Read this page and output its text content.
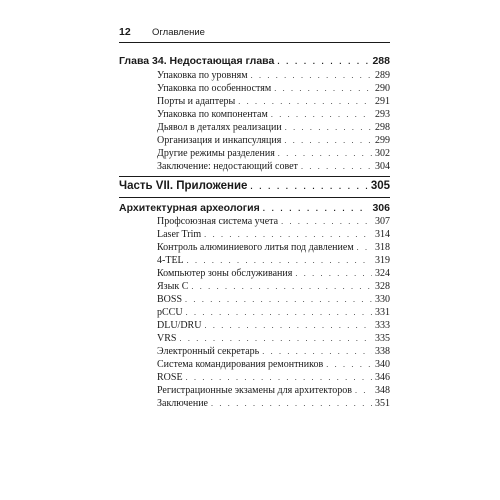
12 Оглавление
Глава 34. Недостающая глава . . .	288
Упаковка по уровням . . .	289
Упаковка по особенностям . . .	290
Порты и адаптеры . . .	291
Упаковка по компонентам . . .	293
Дьявол в деталях реализации . . .	298
Организация и инкапсуляция . . .	299
Другие режимы разделения . . .	302
Заключение: недостающий совет . . .	304
Часть VII. Приложение . . .	305
Архитектурная археология . . .	306
Профсоюзная система учета . . .	307
Laser Trim . . .	314
Контроль алюминиевого литья под давлением . . . 318
4-TEL . . .	319
Компьютер зоны обслуживания . . .	324
Язык C . . .	328
BOSS . . .	330
pCCU . . .	331
DLU/DRU . . .	333
VRS . . .	335
Электронный секретарь . . .	338
Система командирования ремонтников . . .	340
ROSE . . .	346
Регистрационные экзамены для архитекторов . . . 348
Заключение . . .	351
